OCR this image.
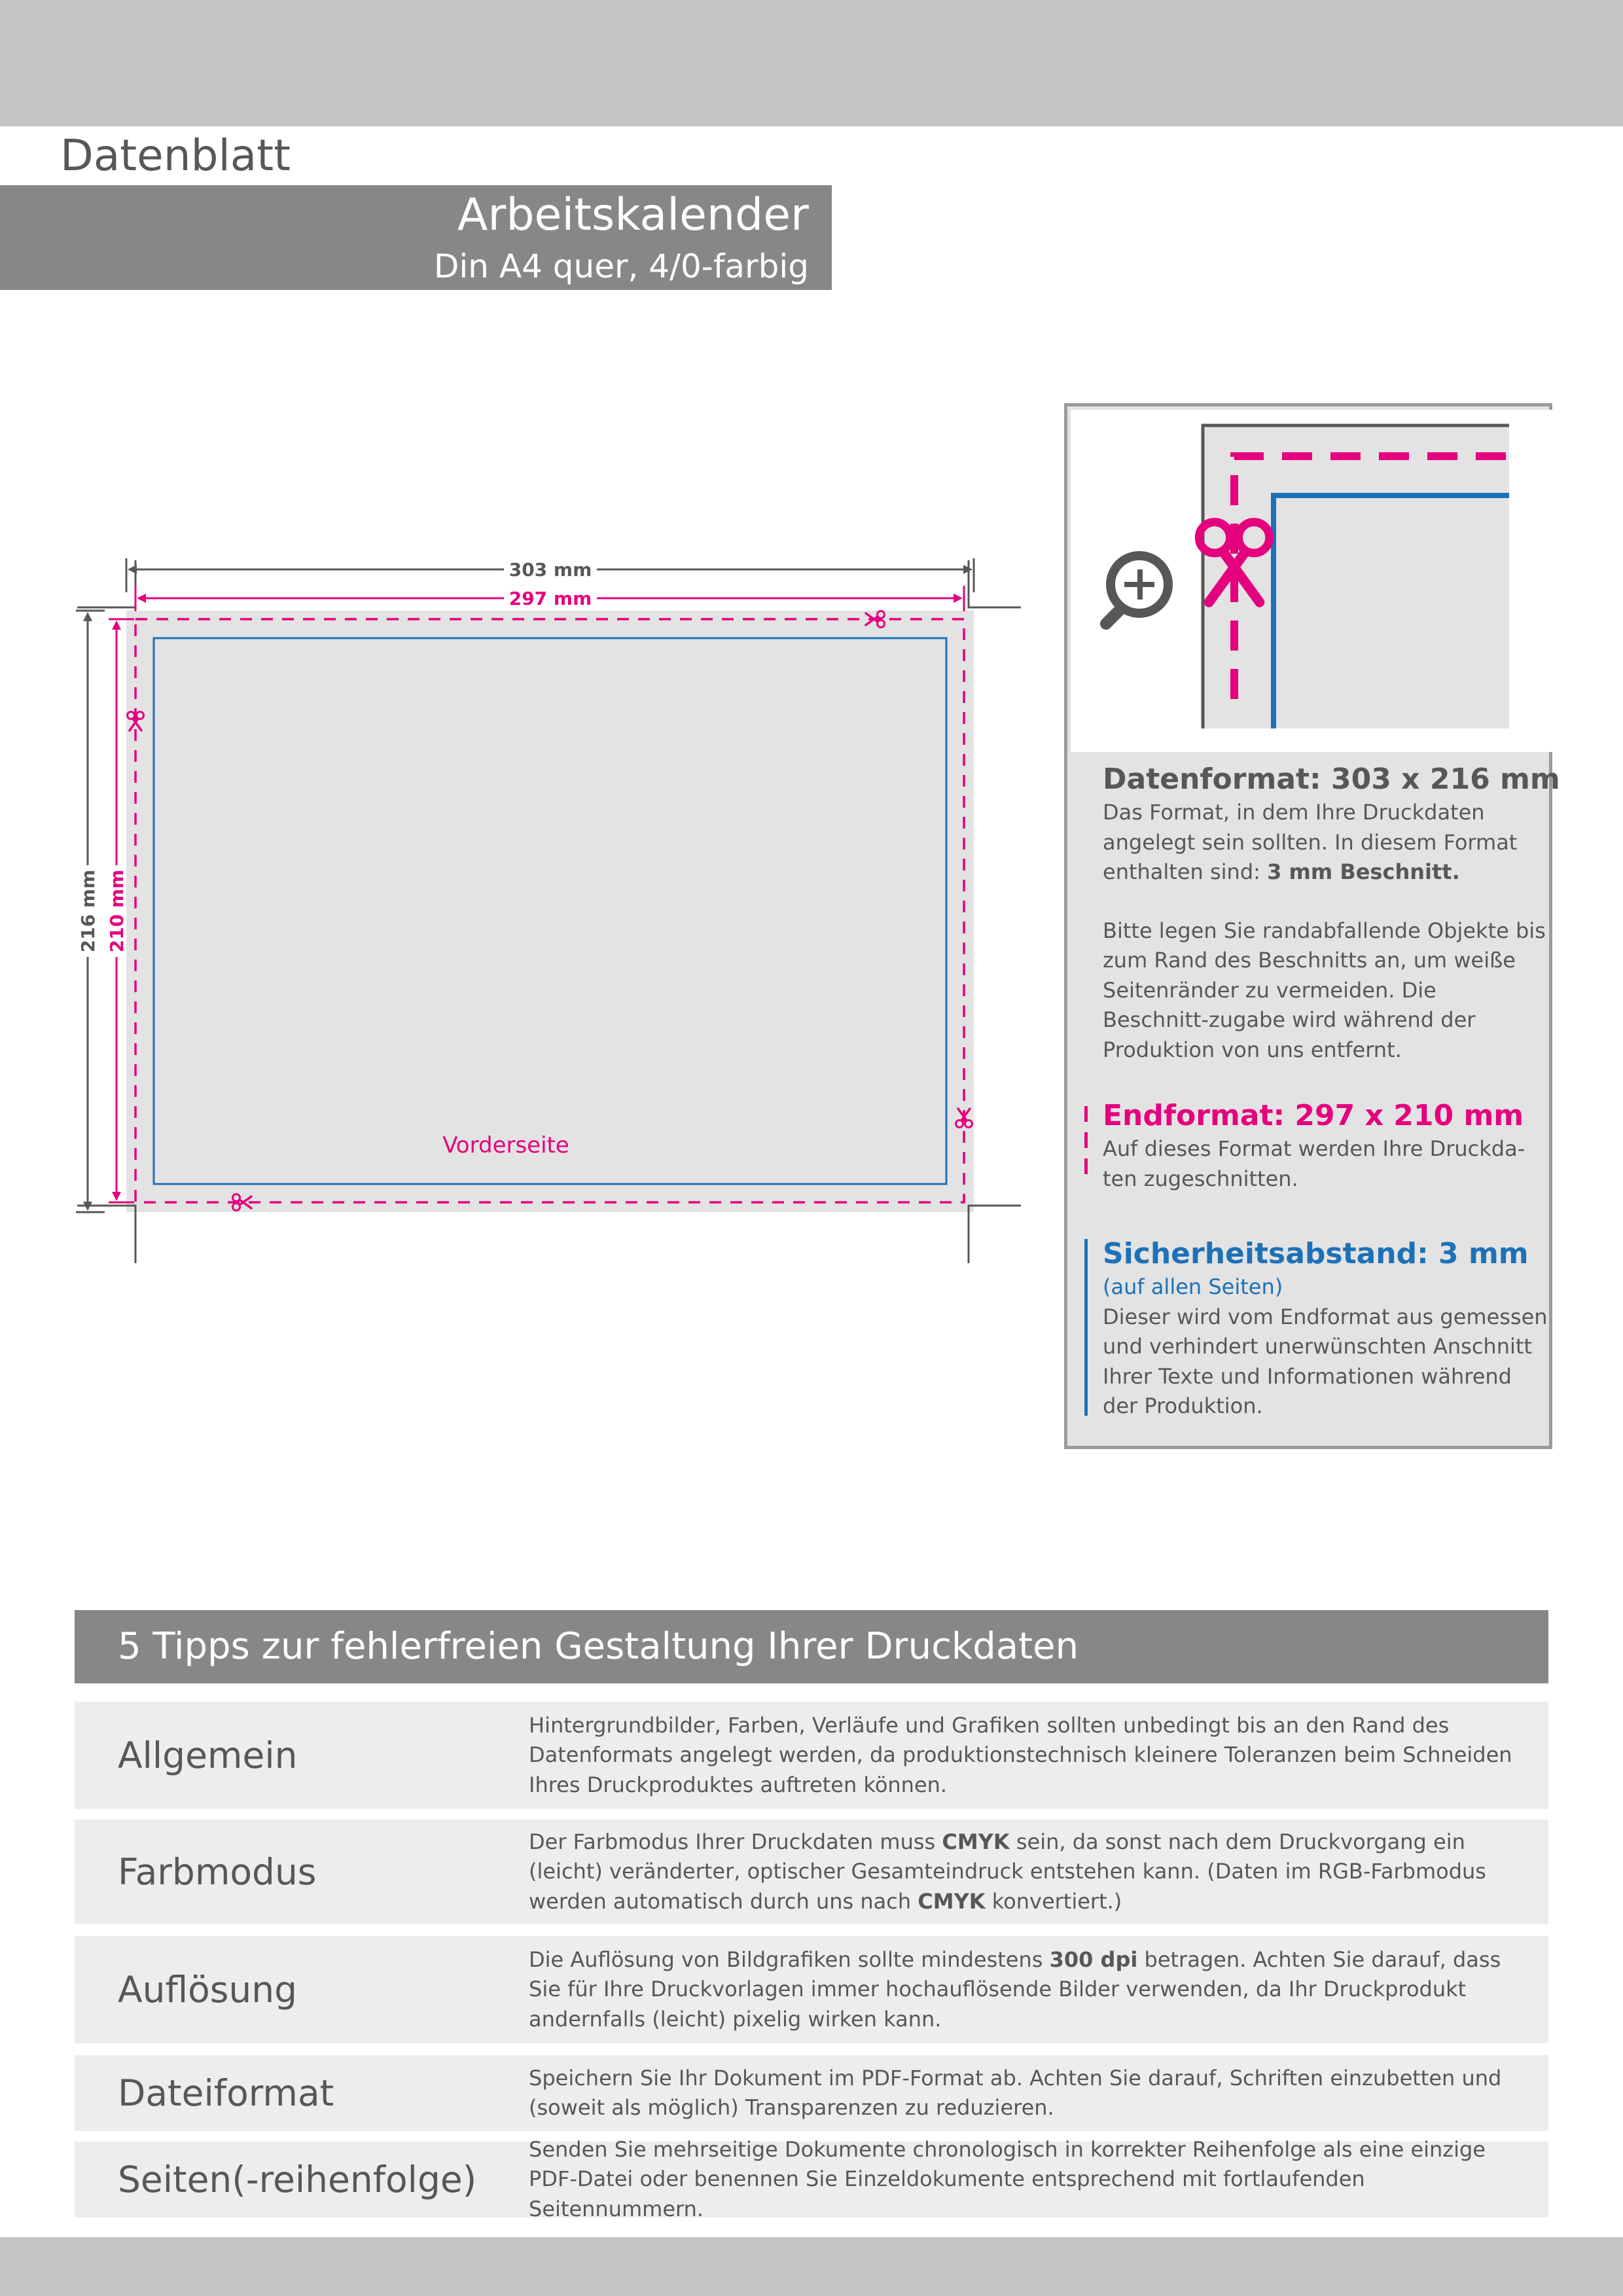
Datenblatt
Arbeitskalender
Din A4 quer, 4/0-farbig
303 mm
297 mm
216 mm 210 mm
Vorderseite
Datenformat: 303 x 216 mm
Das Format, in dem Ihre Druckdaten angelegt sein sollten. In diesem Format enthalten sind: 3 mm Beschnitt.
Bitte legen Sie randabfallende Objekte bis zum Rand des Beschnitts an, um weiße Seitenränder zu vermeiden. Die Beschnitt-zugabe wird während der Produktion von uns entfernt.
Endformat: 297 x 210 mm
Auf dieses Format werden Ihre Druckda-ten zugeschnitten.
Sicherheitsabstand: 3 mm
(auf allen Seiten)
Dieser wird vom Endformat aus gemessen und verhindert unerwünschten Anschnitt Ihrer Texte und Informationen während der Produktion.
5 Tipps zur fehlerfreien Gestaltung Ihrer Druckdaten
Allgemein
Hintergrundbilder, Farben, Verläufe und Grafiken sollten unbedingt bis an den Rand des Datenformats angelegt werden, da produktionstechnisch kleinere Toleranzen beim Schneiden Ihres Druckproduktes auftreten können.
Farbmodus
Der Farbmodus Ihrer Druckdaten muss CMYK sein, da sonst nach dem Druckvorgang ein (leicht) veränderter, optischer Gesamteindruck entstehen kann. (Daten im RGB-Farbmodus werden automatisch durch uns nach CMYK konvertiert.)
Auflösung
Die Auflösung von Bildgrafiken sollte mindestens 300 dpi betragen. Achten Sie darauf, dass Sie für Ihre Druckvorlagen immer hochauflösende Bilder verwenden, da Ihr Druckprodukt andernfalls (leicht) pixelig wirken kann.
Dateiformat	Speichern Sie Ihr Dokument im PDF-Format ab. Achten Sie darauf, Schriften einzubetten und (soweit als möglich) Transparenzen zu reduzieren.
Seiten(-reihenfolge)
Senden Sie mehrseitige Dokumente chronologisch in korrekter Reihenfolge als eine einzige PDF-Datei oder benennen Sie Einzeldokumente entsprechend mit fortlaufenden Seitennummern.
